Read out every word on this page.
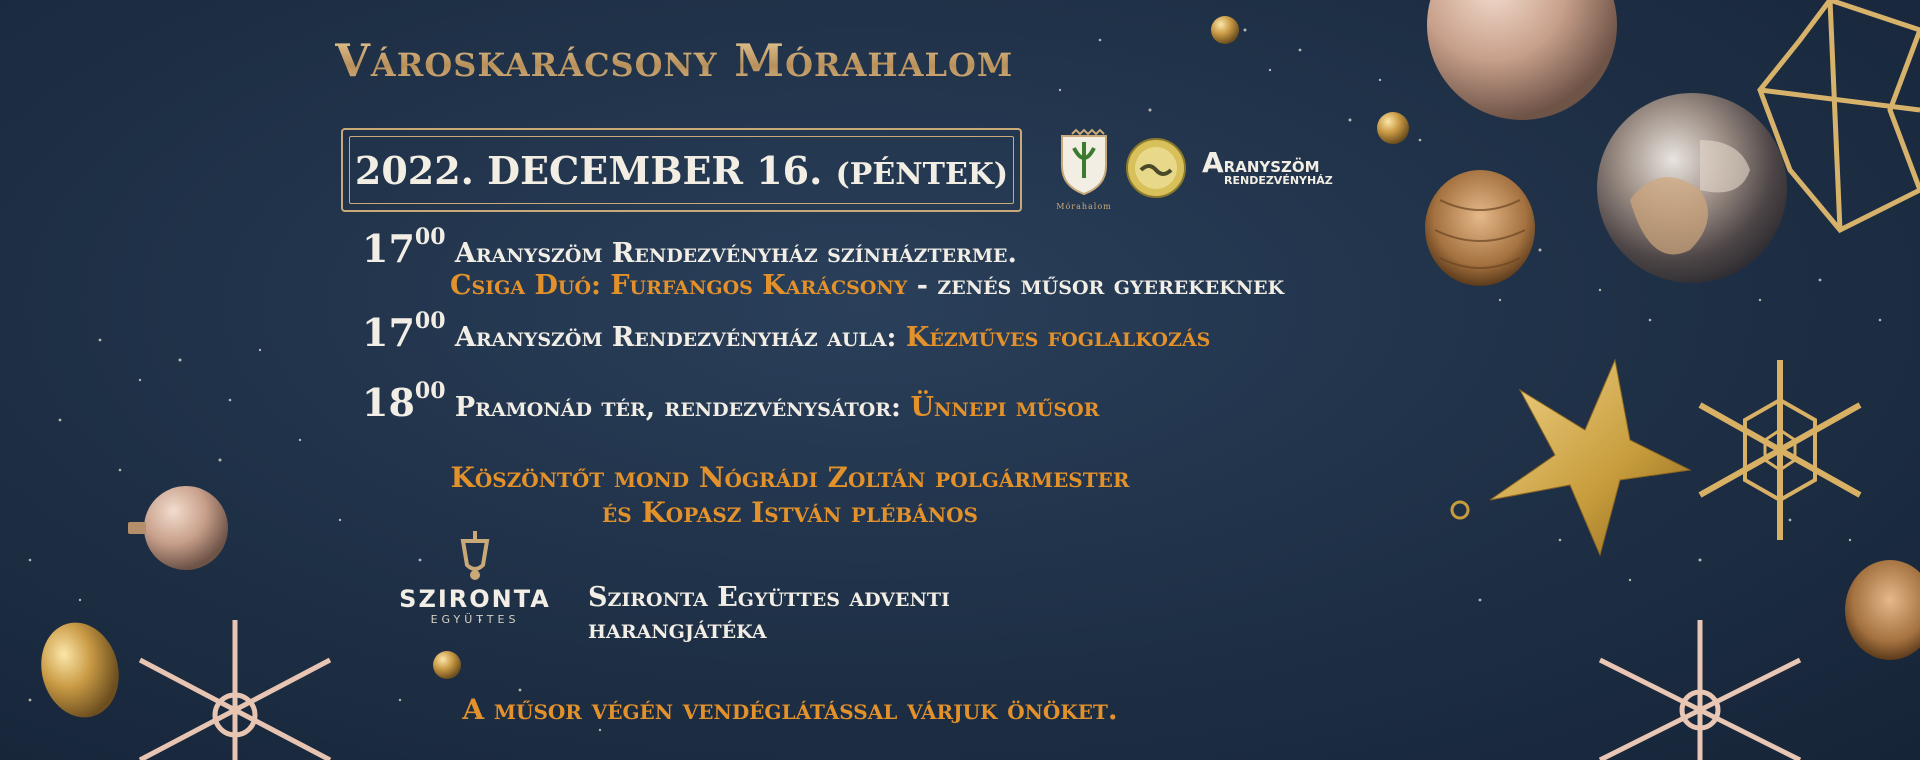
Városkarácsony Mórahalom
2022. DECEMBER 16. (PÉNTEK)
Mórahalom
ARANYSZÖM
RENDEZVÉNYHÁZ
$17^{00}$ Aranyszöm Rendezvényház színházterme.
Csiga Duó: Furfangos Karácsony - zenés műsor gyerekeknek
$17^{00}$ Aranyszöm Rendezvényház aula: Kézműves foglalkozás
$18^{00}$ Pramonád tér, rendezvénysátor: Ünnepi műsor
Köszöntőt mond Nógrádi Zoltán polgármester
és Kopasz István plébános
SZIRONTA
EGYÜTTES
Szironta Együttes adventi
harangjátéka
A műsor végén vendéglátással várjuk önöket.
